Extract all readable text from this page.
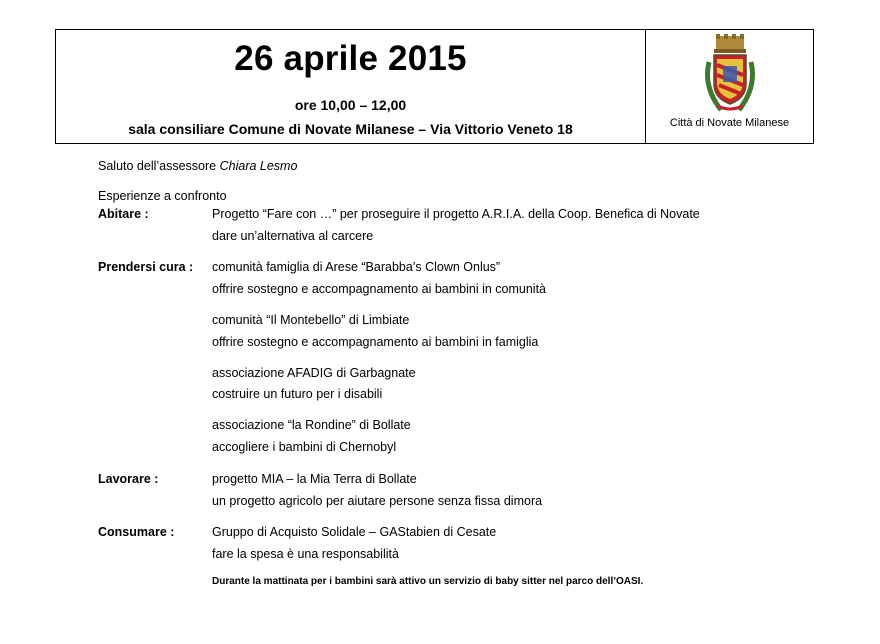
26 aprile 2015
ore 10,00 – 12,00
sala consiliare Comune di Novate Milanese – Via Vittorio Veneto 18	Città di Novate Milanese
Saluto dell’assessore Chiara Lesmo
Esperienze a confronto
Abitare :	Progetto “Fare con …” per proseguire il progetto A.R.I.A. della Coop. Benefica di Novate
dare un’alternativa al carcere
Prendersi cura : comunità famiglia di Arese “Barabba’s Clown Onlus”
offrire sostegno e accompagnamento ai bambini in comunità
comunità “Il Montebello” di Limbiate
offrire sostegno e accompagnamento ai bambini in famiglia
associazione AFADIG di Garbagnate
costruire un futuro per i disabili
associazione “la Rondine” di Bollate
accogliere i bambini di Chernobyl
Lavorare :	progetto MIA – la Mia Terra di Bollate
un progetto agricolo per aiutare persone senza fissa dimora
Consumare :	Gruppo di Acquisto Solidale – GAStabien di Cesate
fare la spesa è una responsabilità
Durante la mattinata per i bambini sarà attivo un servizio di baby sitter nel parco dell’OASI.
